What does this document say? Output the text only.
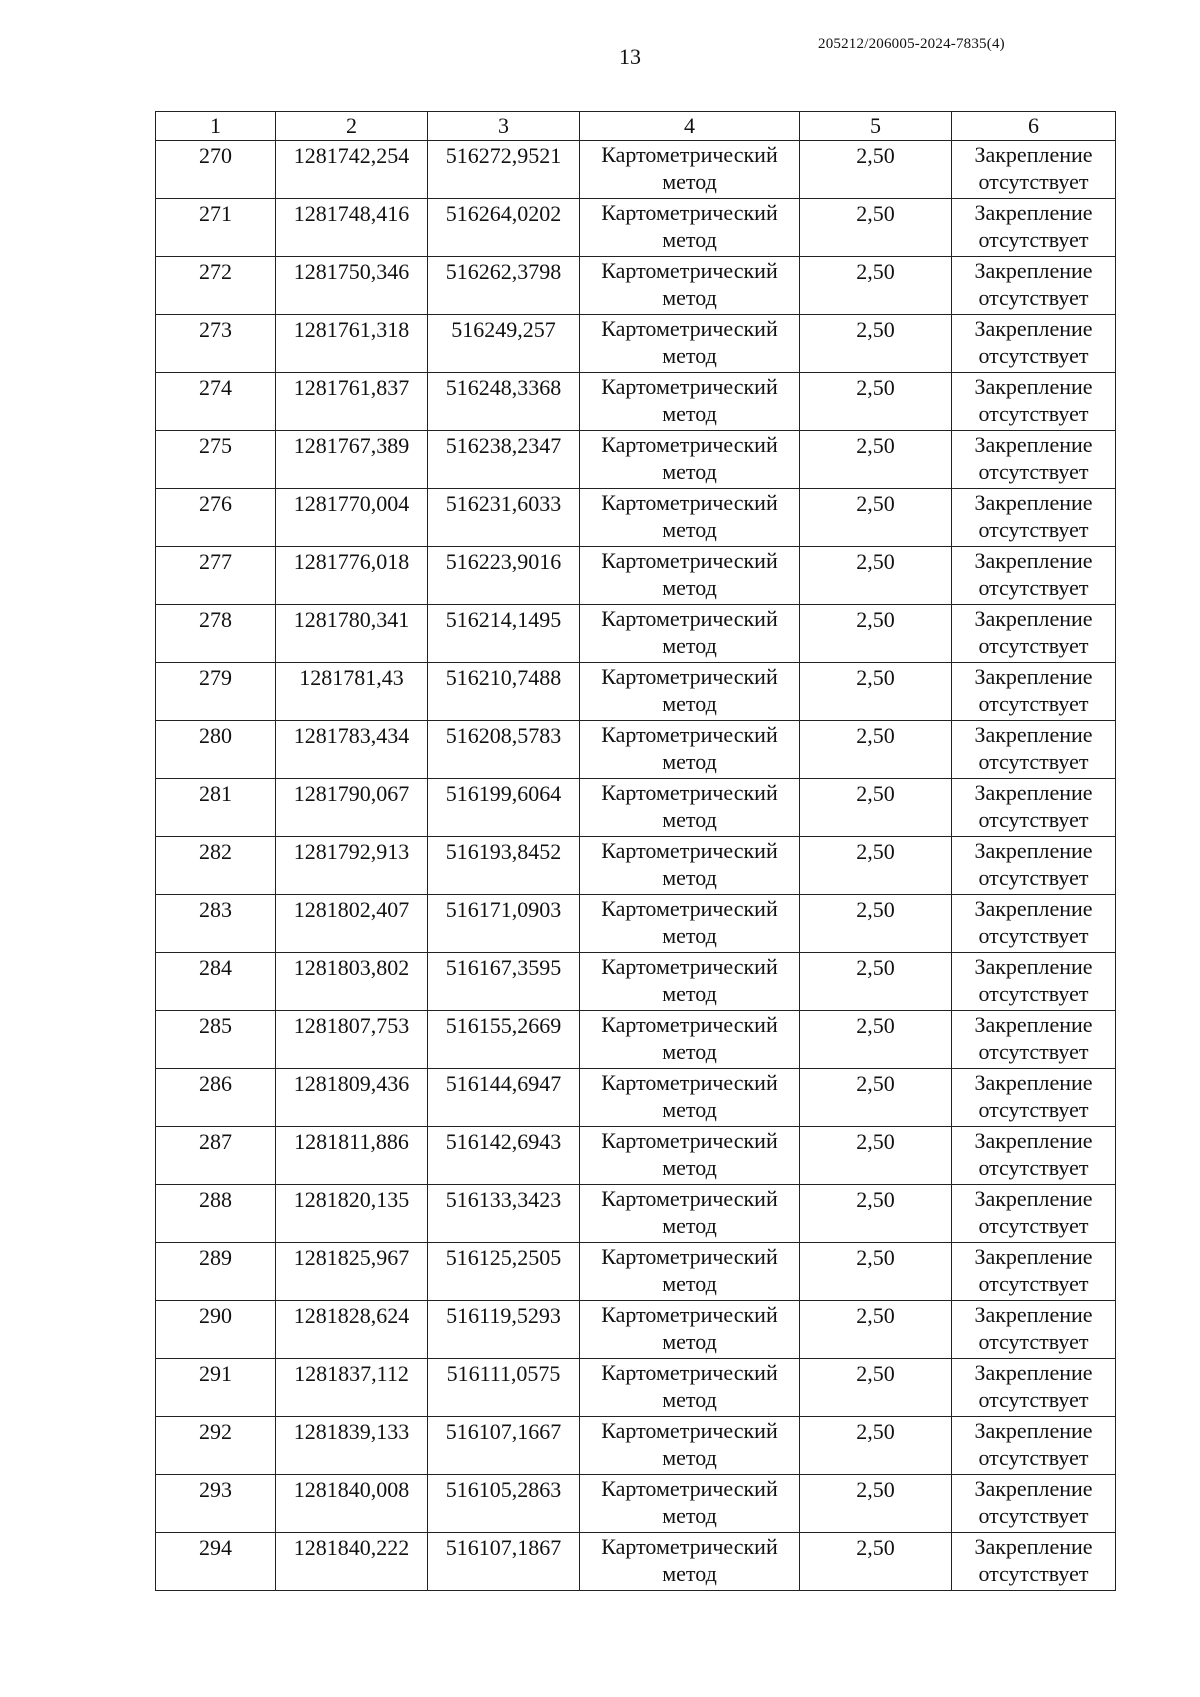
13	205212/206005-2024-7835(4)
1	2	3	4	5	6
270	1281742,254	516272,9521	Картометрический метод	2,50	Закрепление отсутствует
271	1281748,416	516264,0202	Картометрический метод	2,50	Закрепление отсутствует
272	1281750,346	516262,3798	Картометрический метод	2,50	Закрепление отсутствует
273	1281761,318	516249,257	Картометрический метод	2,50	Закрепление отсутствует
274	1281761,837	516248,3368	Картометрический метод	2,50	Закрепление отсутствует
275	1281767,389	516238,2347	Картометрический метод	2,50	Закрепление отсутствует
276	1281770,004	516231,6033	Картометрический метод	2,50	Закрепление отсутствует
277	1281776,018	516223,9016	Картометрический метод	2,50	Закрепление отсутствует
278	1281780,341	516214,1495	Картометрический метод	2,50	Закрепление отсутствует
279	1281781,43	516210,7488	Картометрический метод	2,50	Закрепление отсутствует
280	1281783,434	516208,5783	Картометрический метод	2,50	Закрепление отсутствует
281	1281790,067	516199,6064	Картометрический метод	2,50	Закрепление отсутствует
282	1281792,913	516193,8452	Картометрический метод	2,50	Закрепление отсутствует
283	1281802,407	516171,0903	Картометрический метод	2,50	Закрепление отсутствует
284	1281803,802	516167,3595	Картометрический метод	2,50	Закрепление отсутствует
285	1281807,753	516155,2669	Картометрический метод	2,50	Закрепление отсутствует
286	1281809,436	516144,6947	Картометрический метод	2,50	Закрепление отсутствует
287	1281811,886	516142,6943	Картометрический метод	2,50	Закрепление отсутствует
288	1281820,135	516133,3423	Картометрический метод	2,50	Закрепление отсутствует
289	1281825,967	516125,2505	Картометрический метод	2,50	Закрепление отсутствует
290	1281828,624	516119,5293	Картометрический метод	2,50	Закрепление отсутствует
291	1281837,112	516111,0575	Картометрический метод	2,50	Закрепление отсутствует
292	1281839,133	516107,1667	Картометрический метод	2,50	Закрепление отсутствует
293	1281840,008	516105,2863	Картометрический метод	2,50	Закрепление отсутствует
294	1281840,222	516107,1867	Картометрический метод	2,50	Закрепление отсутствует
